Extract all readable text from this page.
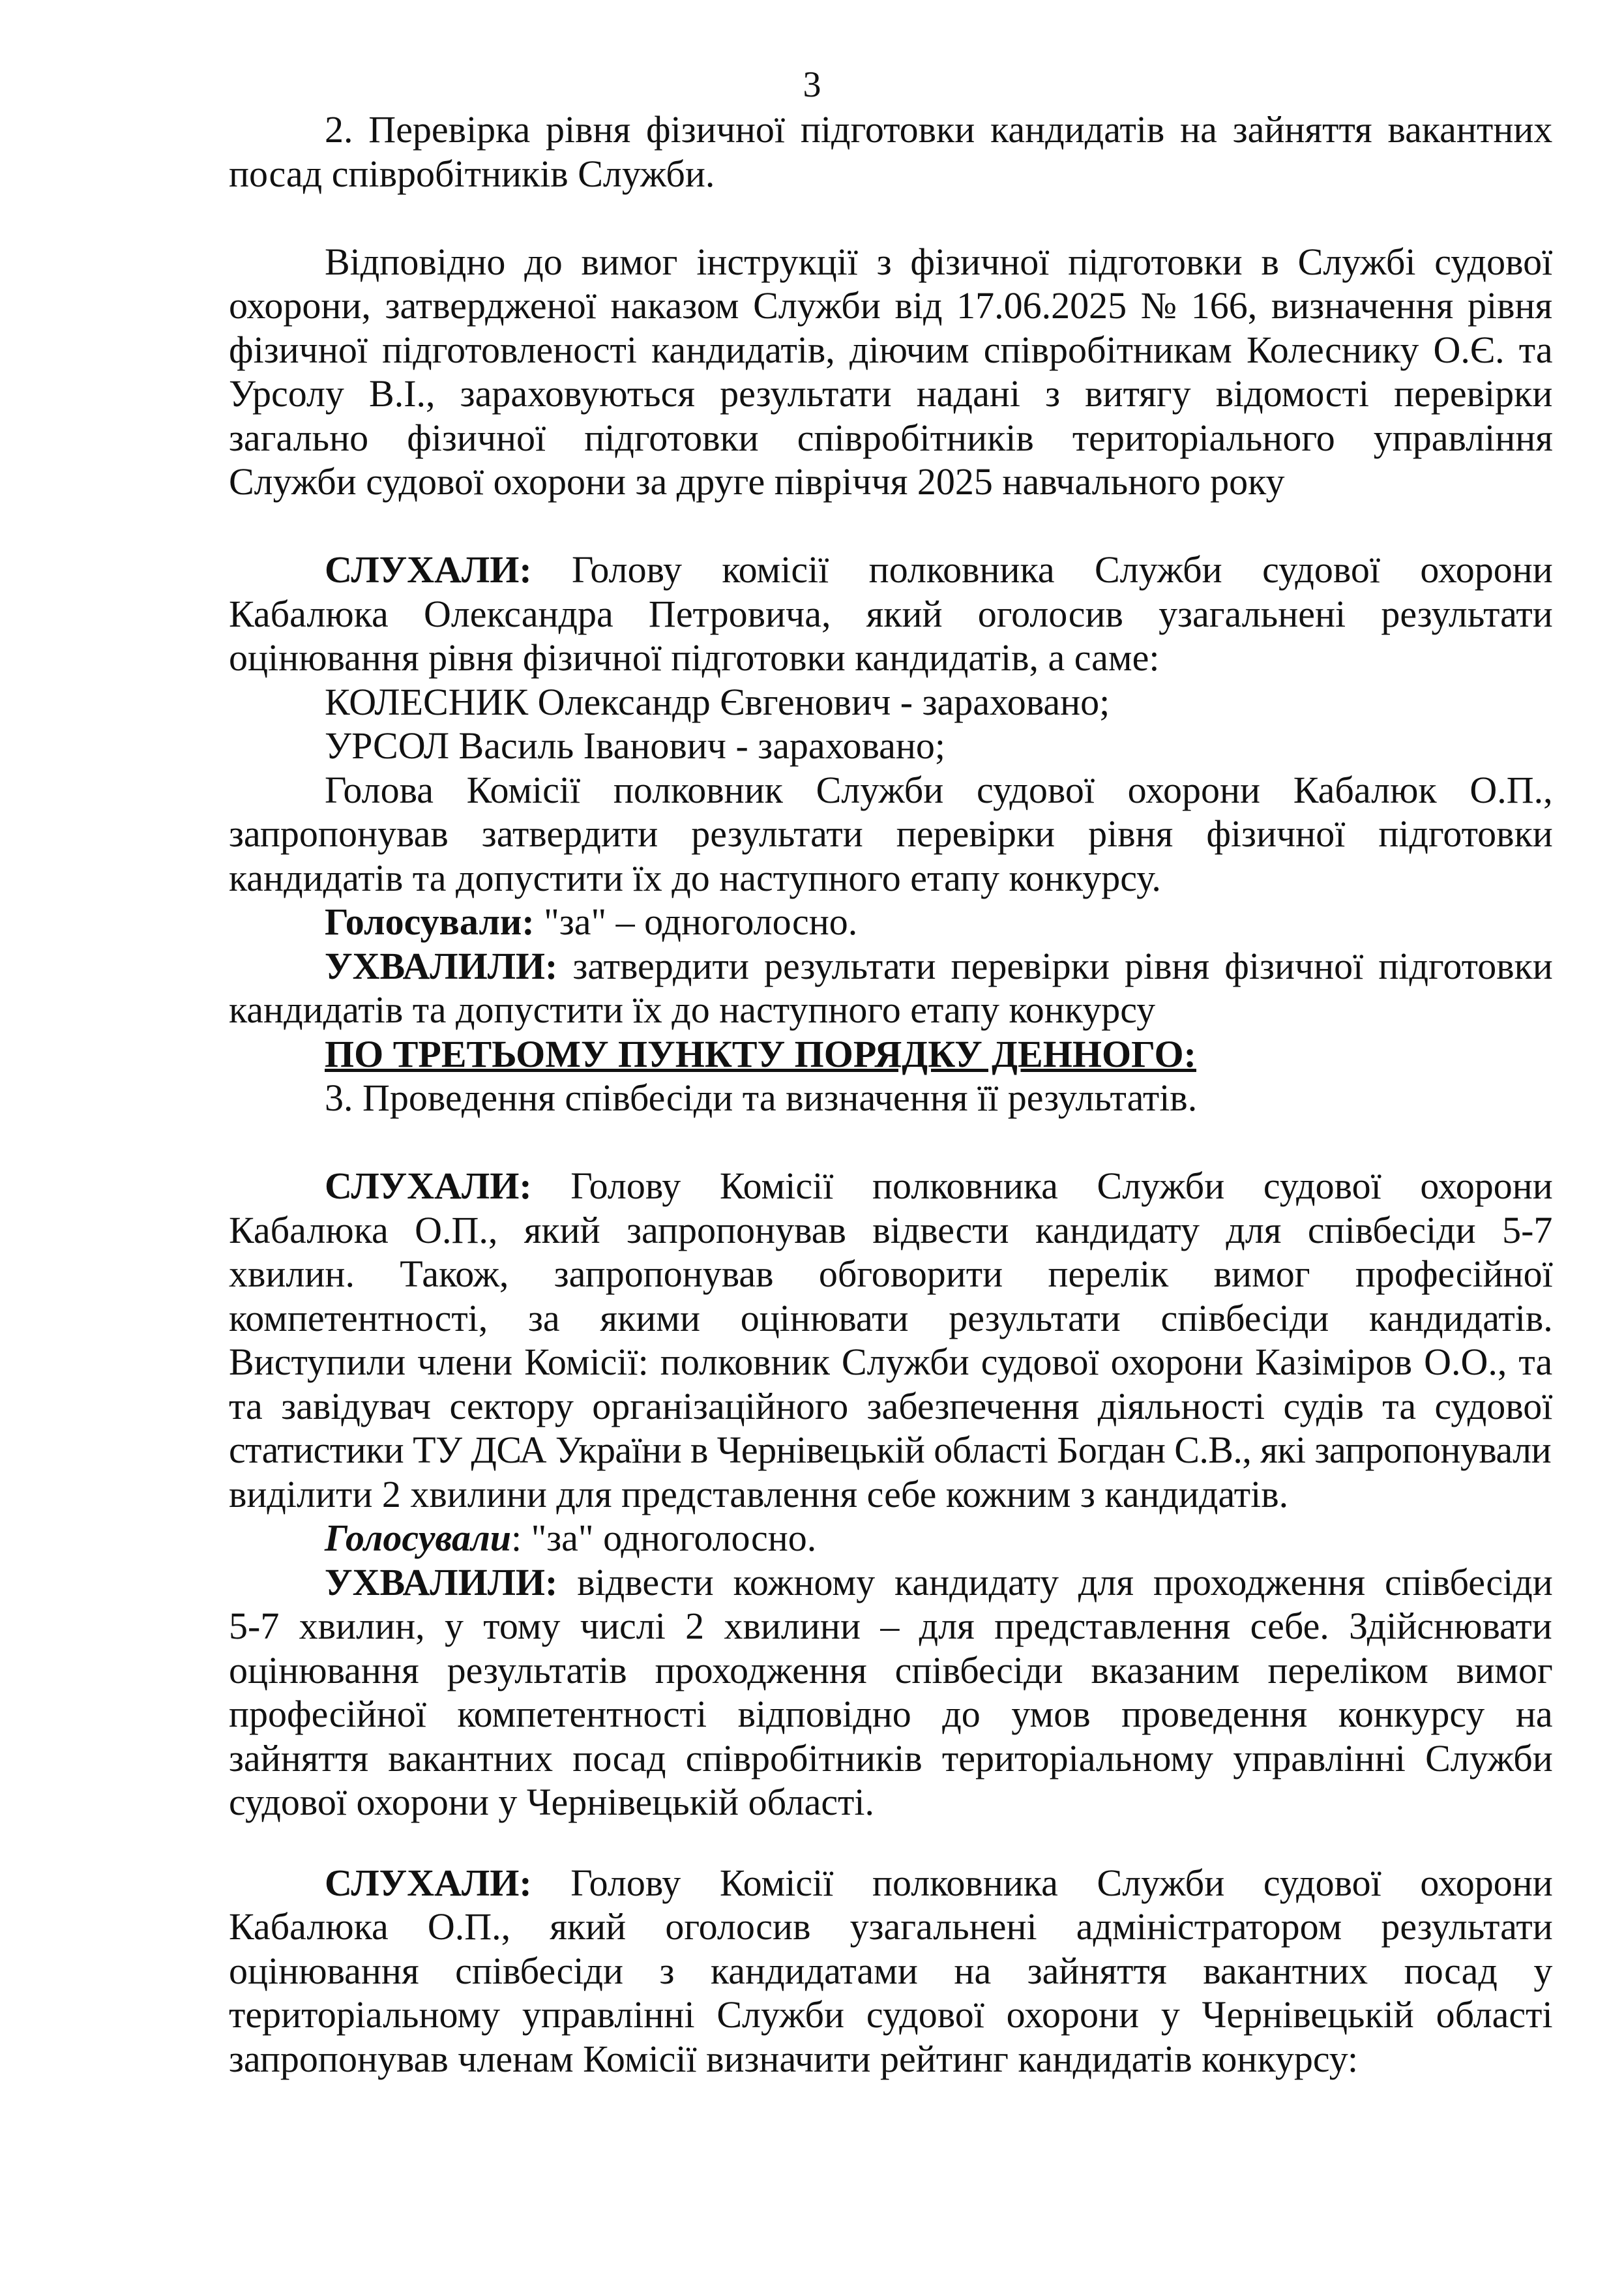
3
2. Перевірка рівня фізичної підготовки кандидатів на зайняття вакантних
посад співробітників Служби.
Відповідно до вимог інструкції з фізичної підготовки в Службі судової
охорони, затвердженої наказом Служби від 17.06.2025 № 166, визначення рівня
фізичної підготовленості кандидатів, діючим співробітникам Колеснику О.Є. та
Урсолу В.І., зараховуються результати надані з витягу відомості перевірки
загально фізичної підготовки співробітників територіального управління
Служби судової охорони за друге півріччя 2025 навчального року
СЛУХАЛИ: Голову комісії полковника Служби судової охорони
Кабалюка Олександра Петровича, який оголосив узагальнені результати
оцінювання рівня фізичної підготовки кандидатів, а саме:
КОЛЕСНИК Олександр Євгенович - зараховано;
УРСОЛ Василь Іванович - зараховано;
Голова Комісії полковник Служби судової охорони Кабалюк О.П.,
запропонував затвердити результати перевірки рівня фізичної підготовки
кандидатів та допустити їх до наступного етапу конкурсу.
Голосували: "за" – одноголосно.
УХВАЛИЛИ: затвердити результати перевірки рівня фізичної підготовки
кандидатів та допустити їх до наступного етапу конкурсу
ПО ТРЕТЬОМУ ПУНКТУ ПОРЯДКУ ДЕННОГО:
3. Проведення співбесіди та визначення її результатів.
СЛУХАЛИ: Голову Комісії полковника Служби судової охорони
Кабалюка О.П., який запропонував відвести кандидату для співбесіди 5-7
хвилин. Також, запропонував обговорити перелік вимог професійної
компетентності, за якими оцінювати результати співбесіди кандидатів.
Виступили члени Комісії: полковник Служби судової охорони Казіміров О.О., та
та завідувач сектору організаційного забезпечення діяльності судів та судової
статистики ТУ ДСА України в Чернівецькій області Богдан С.В., які запропонували
виділити 2 хвилини для представлення себе кожним з кандидатів.
Голосували: "за" одноголосно.
УХВАЛИЛИ: відвести кожному кандидату для проходження співбесіди
5-7 хвилин, у тому числі 2 хвилини – для представлення себе. Здійснювати
оцінювання результатів проходження співбесіди вказаним переліком вимог
професійної компетентності відповідно до умов проведення конкурсу на
зайняття вакантних посад співробітників територіальному управлінні Служби
судової охорони у Чернівецькій області.
СЛУХАЛИ: Голову Комісії полковника Служби судової охорони
Кабалюка О.П., який оголосив узагальнені адміністратором результати
оцінювання співбесіди з кандидатами на зайняття вакантних посад у
територіальному управлінні Служби судової охорони у Чернівецькій області
запропонував членам Комісії визначити рейтинг кандидатів конкурсу:
